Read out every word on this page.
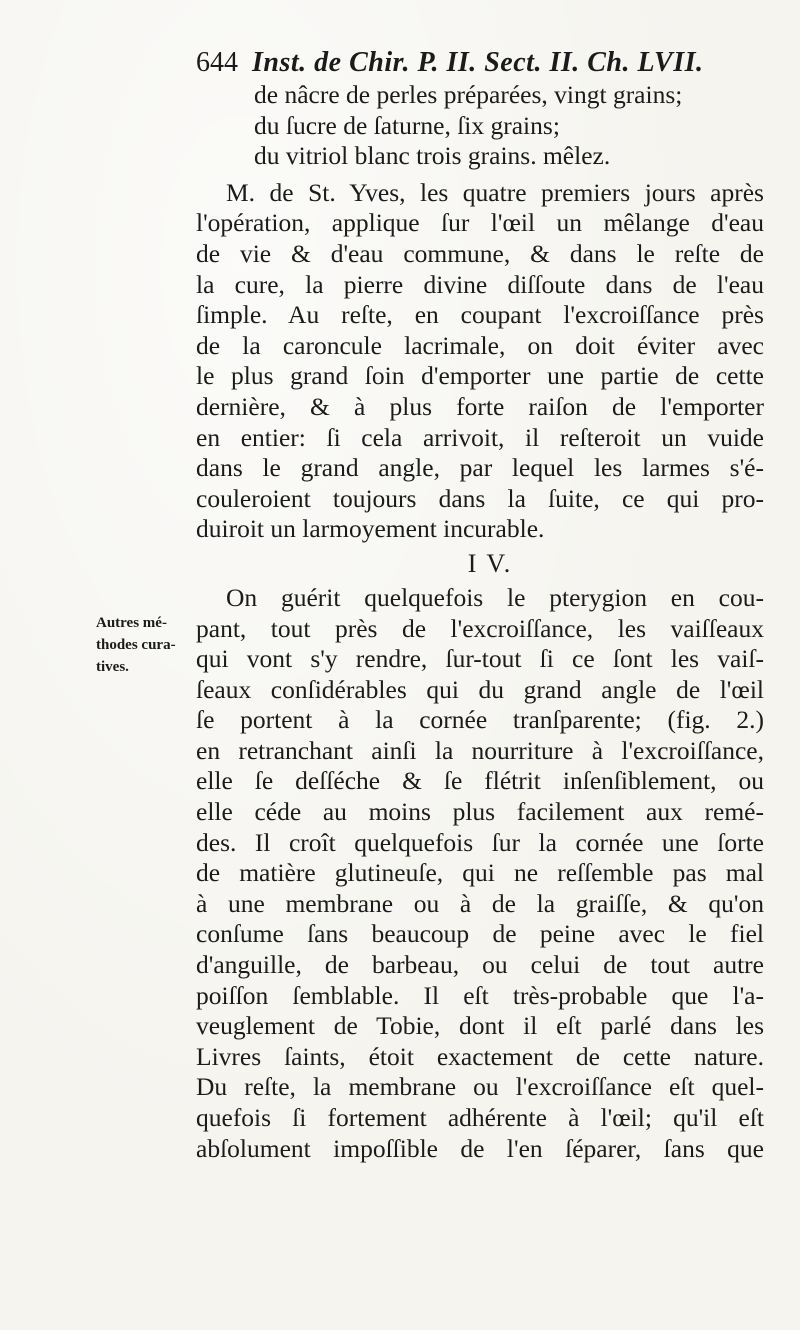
644 Inst. de Chir. P. II. Sect. II. Ch. LVII.
de nâcre de perles préparées, vingt grains;
du ſucre de ſaturne, ſix grains;
du vitriol blanc trois grains. mêlez.
M. de St. Yves, les quatre premiers jours après
l'opération, applique ſur l'œil un mêlange d'eau
de vie & d'eau commune, & dans le reſte de
la cure, la pierre divine diſſoute dans de l'eau
ſimple. Au reſte, en coupant l'excroiſſance près
de la caroncule lacrimale, on doit éviter avec
le plus grand ſoin d'emporter une partie de cette
dernière, & à plus forte raiſon de l'emporter
en entier: ſi cela arrivoit, il reſteroit un vuide
dans le grand angle, par lequel les larmes s'é-
couleroient toujours dans la ſuite, ce qui pro-
duiroit un larmoyement incurable.
I V.
On guérit quelquefois le pterygion en cou-
pant, tout près de l'excroiſſance, les vaiſſeaux
qui vont s'y rendre, ſur-tout ſi ce ſont les vaiſ-
ſeaux conſidérables qui du grand angle de l'œil
ſe portent à la cornée tranſparente; (fig. 2.)
en retranchant ainſi la nourriture à l'excroiſſance,
elle ſe deſſéche & ſe flétrit inſenſiblement, ou
elle céde au moins plus facilement aux remé-
des. Il croît quelquefois ſur la cornée une ſorte
de matière glutineuſe, qui ne reſſemble pas mal
à une membrane ou à de la graiſſe, & qu'on
conſume ſans beaucoup de peine avec le fiel
d'anguille, de barbeau, ou celui de tout autre
poiſſon ſemblable. Il eſt très-probable que l'a-
veuglement de Tobie, dont il eſt parlé dans les
Livres ſaints, étoit exactement de cette nature.
Du reſte, la membrane ou l'excroiſſance eſt quel-
quefois ſi fortement adhérente à l'œil; qu'il eſt
abſolument impoſſible de l'en ſéparer, ſans que
Autres mé-
thodes cura-
tives.
